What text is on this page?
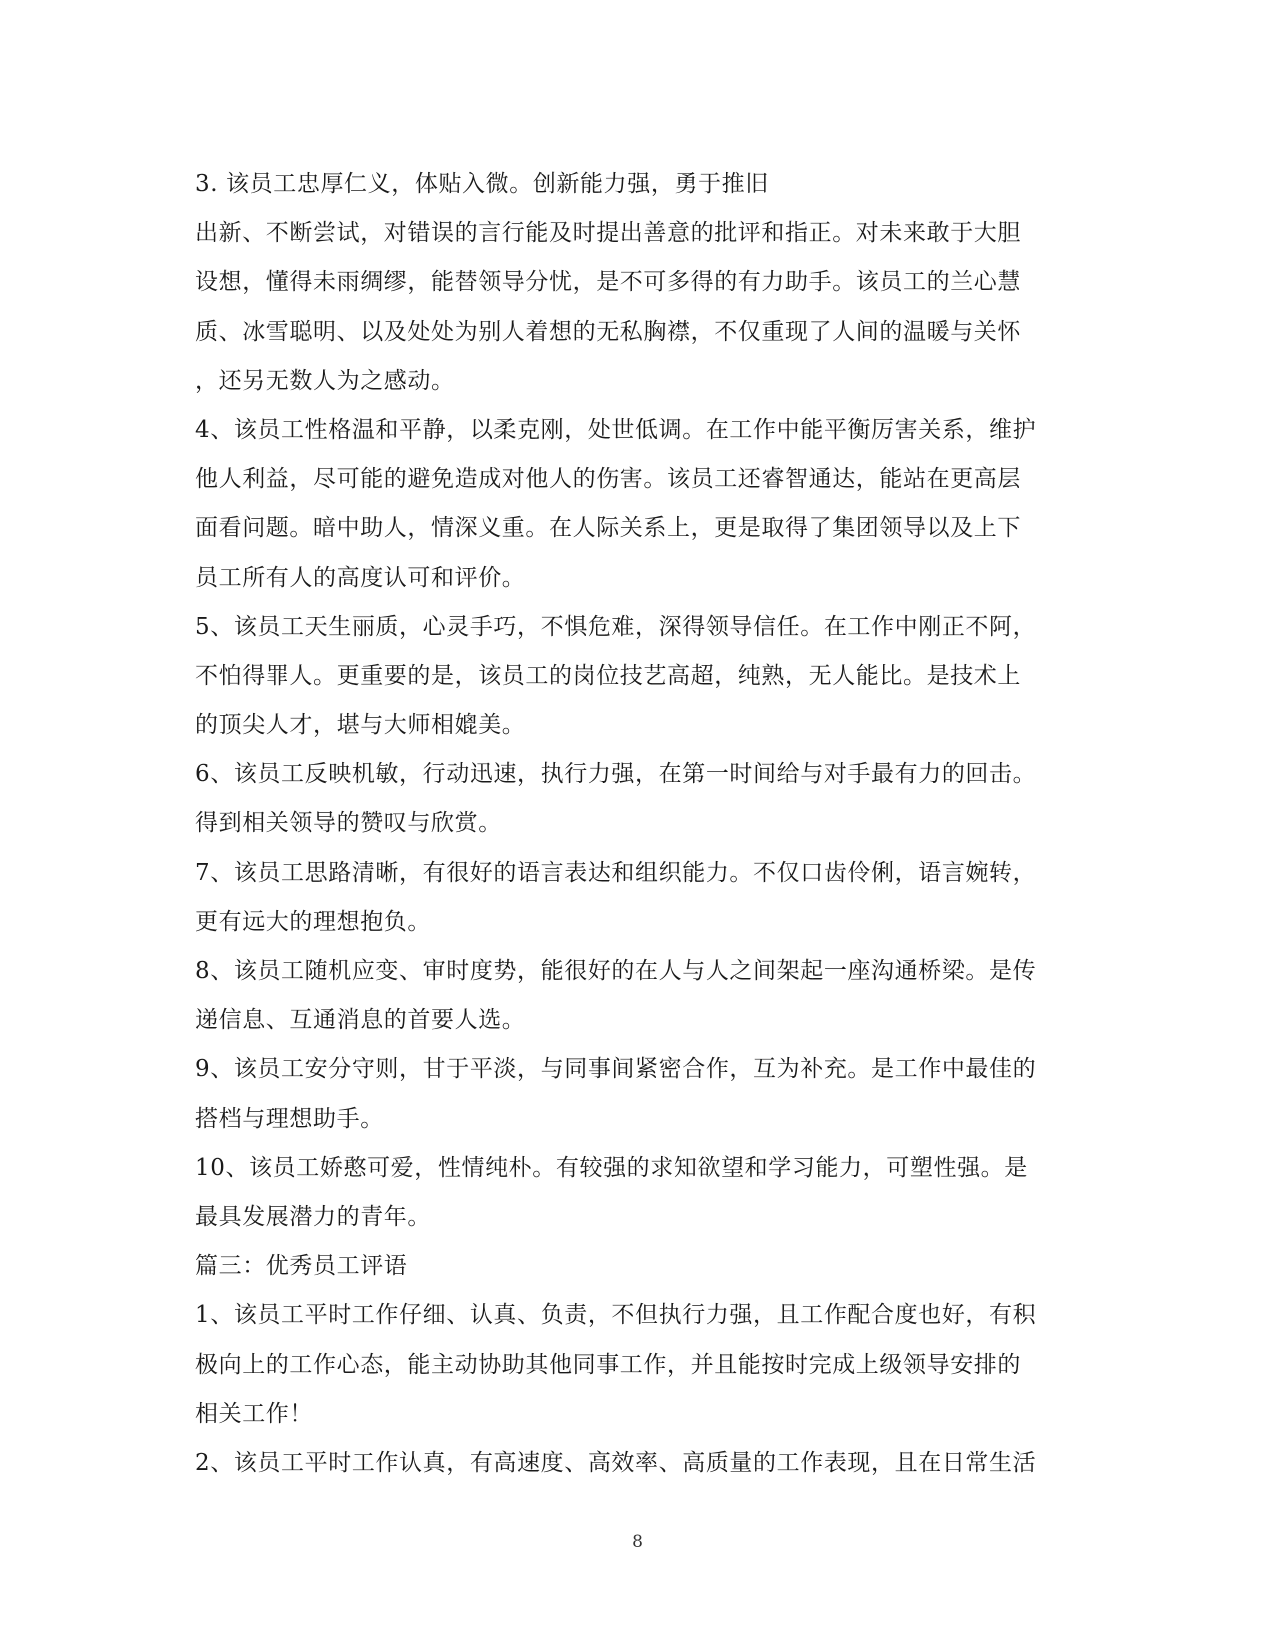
3. 该员工忠厚仁义，体贴入微。创新能力强，勇于推旧
出新、不断尝试，对错误的言行能及时提出善意的批评和指正。对未来敢于大胆
设想，懂得未雨绸缪，能替领导分忧，是不可多得的有力助手。该员工的兰心慧
质、冰雪聪明、以及处处为别人着想的无私胸襟，不仅重现了人间的温暖与关怀
，还另无数人为之感动。
4、该员工性格温和平静，以柔克刚，处世低调。在工作中能平衡厉害关系，维护
他人利益，尽可能的避免造成对他人的伤害。该员工还睿智通达，能站在更高层
面看问题。暗中助人，情深义重。在人际关系上，更是取得了集团领导以及上下
员工所有人的高度认可和评价。
5、该员工天生丽质，心灵手巧，不惧危难，深得领导信任。在工作中刚正不阿，
不怕得罪人。更重要的是，该员工的岗位技艺高超，纯熟，无人能比。是技术上
的顶尖人才，堪与大师相媲美。
6、该员工反映机敏，行动迅速，执行力强，在第一时间给与对手最有力的回击。
得到相关领导的赞叹与欣赏。
7、该员工思路清晰，有很好的语言表达和组织能力。不仅口齿伶俐，语言婉转，
更有远大的理想抱负。
8、该员工随机应变、审时度势，能很好的在人与人之间架起一座沟通桥梁。是传
递信息、互通消息的首要人选。
9、该员工安分守则，甘于平淡，与同事间紧密合作，互为补充。是工作中最佳的
搭档与理想助手。
10、该员工娇憨可爱，性情纯朴。有较强的求知欲望和学习能力，可塑性强。是
最具发展潜力的青年。
篇三：优秀员工评语
1、该员工平时工作仔细、认真、负责，不但执行力强，且工作配合度也好，有积
极向上的工作心态，能主动协助其他同事工作，并且能按时完成上级领导安排的
相关工作！
2、该员工平时工作认真，有高速度、高效率、高质量的工作表现，且在日常生活
8
